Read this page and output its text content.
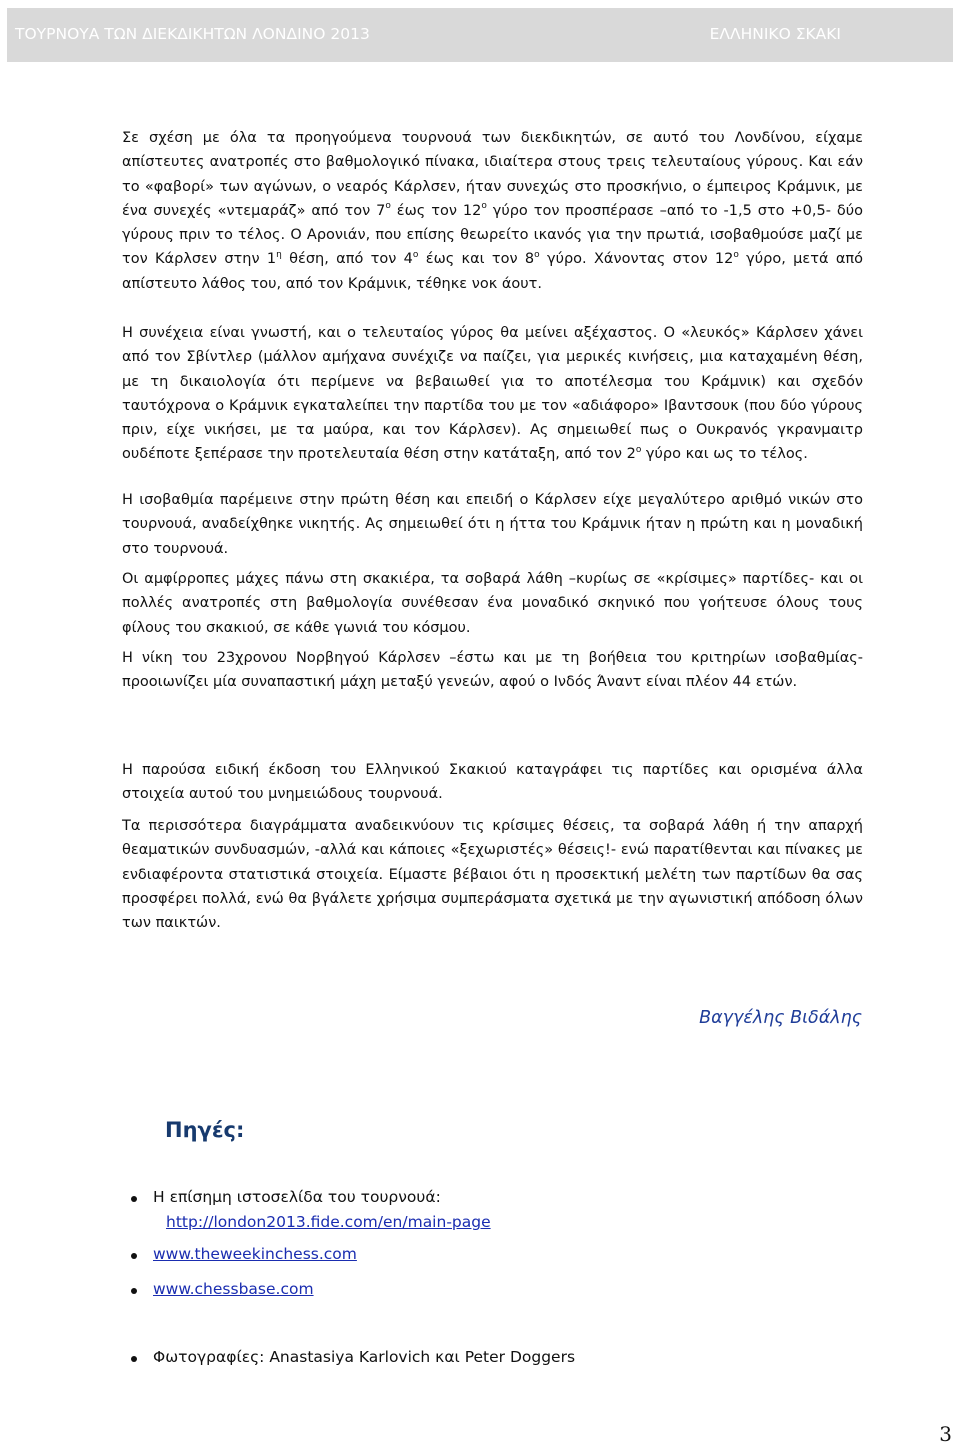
ΤΟΥΡΝΟΥΑ ΤΩΝ ΔΙΕΚΔΙΚΗΤΩΝ ΛΟΝΔΙΝΟ 2013	ΕΛΛΗΝΙΚΟ ΣΚΑΚΙ

Σε σχέση με όλα τα προηγούμενα τουρνουά των διεκδικητών, σε αυτό του Λονδίνου, είχαμε απίστευτες ανατροπές στο βαθμολογικό πίνακα, ιδιαίτερα στους τρεις τελευταίους γύρους. Και εάν το «φαβορί» των αγώνων, ο νεαρός Κάρλσεν, ήταν συνεχώς στο προσκήνιο, ο έμπειρος Κράμνικ, με ένα συνεχές «ντεμαράζ» από τον $7^o$ έως τον $12^o$ γύρο τον προσπέρασε –από το -1,5 στο +0,5- δύο γύρους πριν το τέλος. Ο Αρονιάν, που επίσης θεωρείτο ικανός για την πρωτιά, ισοβαθμούσε μαζί με τον Κάρλσεν στην $1^\eta$ θέση, από τον $4^o$ έως και τον $8^o$ γύρο. Χάνοντας στον $12^o$ γύρο, μετά από απίστευτο λάθος του, από τον Κράμνικ, τέθηκε νοκ άουτ.

Η συνέχεια είναι γνωστή, και ο τελευταίος γύρος θα μείνει αξέχαστος. Ο «λευκός» Κάρλσεν χάνει από τον Σβίντλερ (μάλλον αμήχανα συνέχιζε να παίζει, για μερικές κινήσεις, μια καταχαμένη θέση, με τη δικαιολογία ότι περίμενε να βεβαιωθεί για το αποτέλεσμα του Κράμνικ) και σχεδόν ταυτόχρονα ο Κράμνικ εγκαταλείπει την παρτίδα του με τον «αδιάφορο» Ιβαντσουκ (που δύο γύρους πριν, είχε νικήσει, με τα μαύρα, και τον Κάρλσεν). Ας σημειωθεί πως ο Ουκρανός γκρανμαιτρ ουδέποτε ξεπέρασε την προτελευταία θέση στην κατάταξη, από τον $2^o$ γύρο και ως το τέλος.

Η ισοβαθμία παρέμεινε στην πρώτη θέση και επειδή ο Κάρλσεν είχε μεγαλύτερο αριθμό νικών στο τουρνουά, αναδείχθηκε νικητής. Ας σημειωθεί ότι η ήττα του Κράμνικ ήταν η πρώτη και η μοναδική στο τουρνουά.

Οι αμφίρροπες μάχες πάνω στη σκακιέρα, τα σοβαρά λάθη –κυρίως σε «κρίσιμες» παρτίδες- και οι πολλές ανατροπές στη βαθμολογία συνέθεσαν ένα μοναδικό σκηνικό που γοήτευσε όλους τους φίλους του σκακιού, σε κάθε γωνιά του κόσμου.

Η νίκη του 23χρονου Νορβηγού Κάρλσεν –έστω και με τη βοήθεια του κριτηρίων ισοβαθμίας- προοιωνίζει μία συναπαστική μάχη μεταξύ γενεών, αφού ο Ινδός Άναντ είναι πλέον 44 ετών.

Η παρούσα ειδική έκδοση του Ελληνικού Σκακιού καταγράφει τις παρτίδες και ορισμένα άλλα στοιχεία αυτού του μνημειώδους τουρνουά.

Τα περισσότερα διαγράμματα αναδεικνύουν τις κρίσιμες θέσεις, τα σοβαρά λάθη ή την απαρχή θεαματικών συνδυασμών, -αλλά και κάποιες «ξεχωριστές» θέσεις!- ενώ παρατίθενται και πίνακες με ενδιαφέροντα στατιστικά στοιχεία. Είμαστε βέβαιοι ότι η προσεκτική μελέτη των παρτίδων θα σας προσφέρει πολλά, ενώ θα βγάλετε χρήσιμα συμπεράσματα σχετικά με την αγωνιστική απόδοση όλων των παικτών.

Βαγγέλης Βιδάλης
Πηγές:
Η επίσημη ιστοσελίδα του τουρνουά:
http://london2013.fide.com/en/main-page
www.theweekinchess.com
www.chessbase.com
Φωτογραφίες: Anastasiya Karlovich και Peter Doggers
3
